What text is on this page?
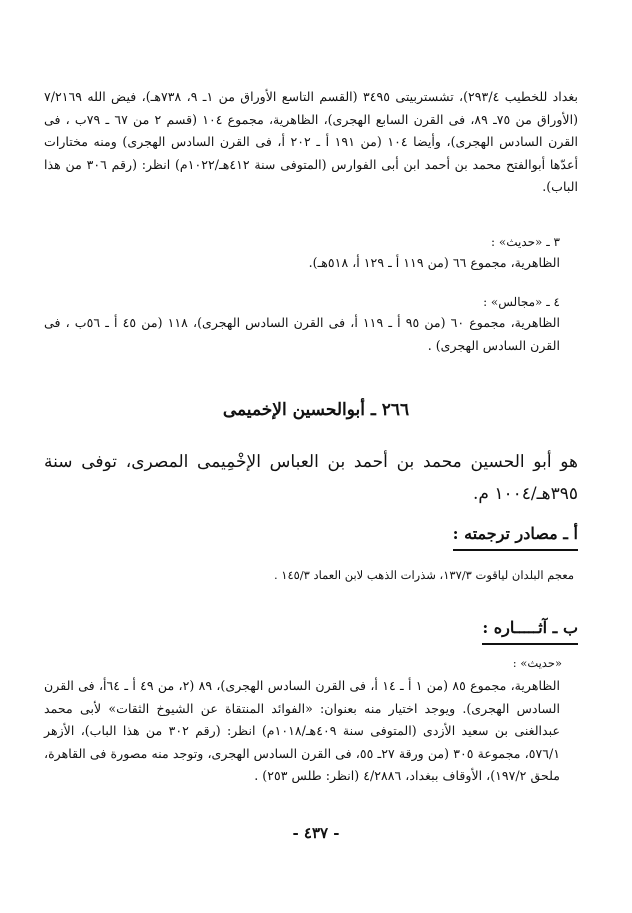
بغداد للخطيب ٢٩٣/٤)، تشستربيتى ٣٤٩٥ (القسم التاسع الأوراق من ١ـ ٩، ٧٣٨هـ)، فيض الله ٧/٢١٦٩ (الأوراق من ٧٥ـ ٨٩، فى القرن السابع الهجرى)، الظاهرية، مجموع ١٠٤ (قسم ٢ من ٦٧ ـ ٧٩ب ، فى القرن السادس الهجرى)، وأيضا ١٠٤ (من ١٩١ أ ـ ٢٠٢ أ، فى القرن السادس الهجرى) ومنه مختارات أعدّها أبوالفتح محمد بن أحمد ابن أبى الفوارس (المتوفى سنة ٤١٢هـ/١٠٢٢م) انظر: (رقم ٣٠٦ من هذا الباب).

٣ ـ «حديث» :

الظاهرية، مجموع ٦٦ (من ١١٩ أ ـ ١٢٩ أ، ٥١٨هـ).

٤ ـ «مجالس» :

الظاهرية، مجموع ٦٠ (من ٩٥ أ ـ ١١٩ أ، فى القرن السادس الهجرى)، ١١٨ (من ٤٥ أ ـ ٥٦ب ، فى القرن السادس الهجرى) .

٢٦٦ ـ أبوالحسين الإخميمى

هو أبو الحسين محمد بن أحمد بن العباس الإخْمِيمى المصرى، توفى سنة ٣٩٥هـ/١٠٠٤ م.

أ ـ مصادر ترجمته :

معجم البلدان لياقوت ١٣٧/٣، شذرات الذهب لابن العماد ١٤٥/٣ .

ب ـ آثـــــاره :

«حديث» :

الظاهرية، مجموع ٨٥ (من ١ أ ـ ١٤ أ، فى القرن السادس الهجرى)، ٨٩ (٢، من ٤٩ أ ـ ٦٤أ، فى القرن السادس الهجرى). ويوجد اختيار منه بعنوان: «الفوائد المنتقاة عن الشيوخ الثقات» لأبى محمد عبدالغنى بن سعيد الأزدى (المتوفى سنة ٤٠٩هـ/١٠١٨م) انظر: (رقم ٣٠٢ من هذا الباب)، الأزهر ٥٧٦/١، مجموعة ٣٠٥ (من ورقة ٢٧ـ ٥٥، فى القرن السادس الهجرى، وتوجد منه مصورة فى القاهرة، ملحق ١٩٧/٢)، الأوقاف ببغداد، ٤/٢٨٨٦ (انظر: طلس ٢٥٣) .

- ٤٣٧ -
